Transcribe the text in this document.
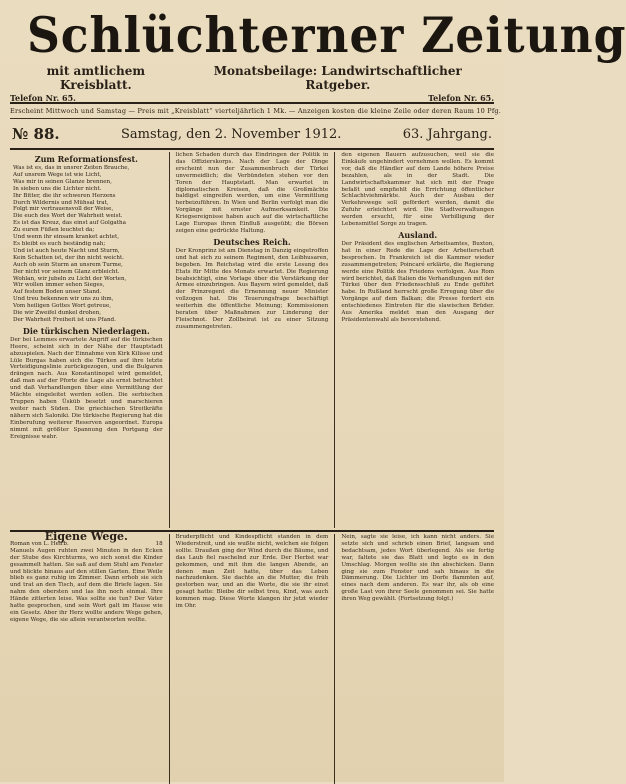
Schlüchterner Zeitung
mit amtlichem Kreisblatt.
Monatsbeilage: Landwirtschaftlicher Ratgeber.
Telefon Nr. 65.	Telefon Nr. 65.
Erscheint Mittwoch und Samstag — Preis mit „Kreisblatt“ vierteljährlich 1 Mk. — Anzeigen kosten die kleine Zeile oder deren Raum 10 Pfg.
№ 88.	Samstag, den 2. November 1912.	63. Jahrgang.
Zum Reformationsfest.
Was ist es, das in unsrer Zeiten Brauche,
Auf unsrem Wege ist wie Licht,
Was mir in seinen Glanze brennen,
In sieben uns die Lichter nicht.
Ihr Bitter, die ihr schweren Herzens
Durch Wildernis und Mühsal trat,
Folgt mir vertrauensvoll der Weise,
Die euch des Wort der Wahrheit weist.
Es ist das Kreuz, das einst auf Golgatha
Zu euren Füßen leuchtet da;
Und wenn ihr einsam kranket achtet,
Es bleibt es euch beständig nah;
Und ist auch heute Nacht und Sturm,
Kein Schatten ist, der ihn nicht weicht.
Auch ob sein Sturm an unsrem Turme,
Der nicht vor seinem Glanz erbleicht.
Wohlan, wir jubeln zu Licht der Worten,
Wir wollen immer sehen Sieges,
Auf festem Boden unser Stand.
Und treu bekennen wir uns zu ihm,
Vom heiligen Gottes Wort getreue,
Die wir Zweifel dunkel drohen,
Der Wahrheit Freiheit ist uns Pfand.
Die türkischen Niederlagen.
Der bei Lemmes erwartete Angriff auf die türkischen Heere, scheint sich in der Nähe der Hauptstadt abzuspielen. Nach der Einnahme von Kirk Kilisse und Lüle Burgas haben sich die Türken auf ihre letzte Verteidigungslinie zurückgezogen, und die Bulgaren drängen nach. Aus Konstantinopel wird gemeldet, daß man auf der Pforte die Lage als ernst betrachtet und daß Verhandlungen über eine Vermittlung der Mächte eingeleitet werden sollen. Die serbischen Truppen haben Üsküb besetzt und marschieren weiter nach Süden. Die griechischen Streitkräfte nähern sich Saloniki. Die türkische Regierung hat die Einberufung weiterer Reserven angeordnet. Europa nimmt mit größter Spannung den Fortgang der Ereignisse wahr.
lichen Schaden durch das Eindringen der Politik in das Offizierskorps. Nach der Lage der Dinge erscheint nun der Zusammenbruch der Türkei unvermeidlich; die Verbündeten stehen vor den Toren der Hauptstadt. Man erwartet in diplomatischen Kreisen, daß die Großmächte baldigst eingreifen werden, um eine Vermittlung herbeizuführen. In Wien und Berlin verfolgt man die Vorgänge mit ernster Aufmerksamkeit. Die Kriegsereignisse haben auch auf die wirtschaftliche Lage Europas ihren Einfluß ausgeübt; die Börsen zeigen eine gedrückte Haltung.
Deutsches Reich.
Der Kronprinz ist am Dienstag in Danzig eingetroffen und hat sich zu seinem Regiment, den Leibhusaren, begeben. Im Reichstag wird die erste Lesung des Etats für Mitte des Monats erwartet. Die Regierung beabsichtigt, eine Vorlage über die Verstärkung der Armee einzubringen. Aus Bayern wird gemeldet, daß der Prinzregent die Ernennung neuer Minister vollzogen hat. Die Teuerungsfrage beschäftigt weiterhin die öffentliche Meinung; Kommissionen beraten über Maßnahmen zur Linderung der Fleischnot. Der Zollbeirat ist zu einer Sitzung zusammengetreten.
den eigenen Bauern aufzusuchen, weil sie die Einkäufe ungehindert vornehmen wollen. Es kommt vor, daß die Händler auf dem Lande höhere Preise bezahlen, als in der Stadt. Die Landwirtschaftskammer hat sich mit der Frage befaßt und empfiehlt die Errichtung öffentlicher Schlachtviehmärkte. Auch der Ausbau der Verkehrswege soll gefördert werden, damit die Zufuhr erleichtert wird. Die Stadtverwaltungen werden ersucht, für eine Verbilligung der Lebensmittel Sorge zu tragen.
Ausland.
Der Präsident des englischen Arbeitsamtes, Buxton, hat in einer Rede die Lage der Arbeiterschaft besprochen. In Frankreich ist die Kammer wieder zusammengetreten; Poincaré erklärte, die Regierung werde eine Politik des Friedens verfolgen. Aus Rom wird berichtet, daß Italien die Verhandlungen mit der Türkei über den Friedensschluß zu Ende geführt habe. In Rußland herrscht große Erregung über die Vorgänge auf dem Balkan; die Presse fordert ein entschiedenes Eintreten für die slawischen Brüder. Aus Amerika meldet man den Ausgang der Präsidentenwahl als bevorstehend.
Eigene Wege.
Roman von L. Heirb.	18
Manuels Augen ruhten zwei Minuten in den Ecken der Stube des Kirchturms, wo sich sonst die Kinder gesammelt hatten. Sie saß auf dem Stuhl am Fenster und blickte hinaus auf den stillen Garten. Eine Weile blieb es ganz ruhig im Zimmer. Dann erhob sie sich und trat an den Tisch, auf dem die Briefe lagen. Sie nahm den obersten und las ihn noch einmal. Ihre Hände zitterten leise. Was sollte sie tun? Der Vater hatte gesprochen, und sein Wort galt im Hause wie ein Gesetz. Aber ihr Herz wollte andere Wege gehen, eigene Wege, die sie allein verantworten wollte.
Bruderpflicht und Kindespflicht standen in dem Wiederstreit, und sie wußte nicht, welchen sie folgen sollte. Draußen ging der Wind durch die Bäume, und das Laub fiel raschelnd zur Erde. Der Herbst war gekommen, und mit ihm die langen Abende, an denen man Zeit hatte, über das Leben nachzudenken. Sie dachte an die Mutter, die früh gestorben war, und an die Worte, die sie ihr einst gesagt hatte: Bleibe dir selbst treu, Kind, was auch kommen mag. Diese Worte klangen ihr jetzt wieder im Ohr.
Nein, sagte sie leise, ich kann nicht anders. Sie setzte sich und schrieb einen Brief, langsam und bedachtsam, jedes Wort überlegend. Als sie fertig war, faltete sie das Blatt und legte es in den Umschlag. Morgen wollte sie ihn abschicken. Dann ging sie zum Fenster und sah hinaus in die Dämmerung. Die Lichter im Dorfe flammten auf, eines nach dem anderen. Es war ihr, als ob eine große Last von ihrer Seele genommen sei. Sie hatte ihren Weg gewählt. (Fortsetzung folgt.)
